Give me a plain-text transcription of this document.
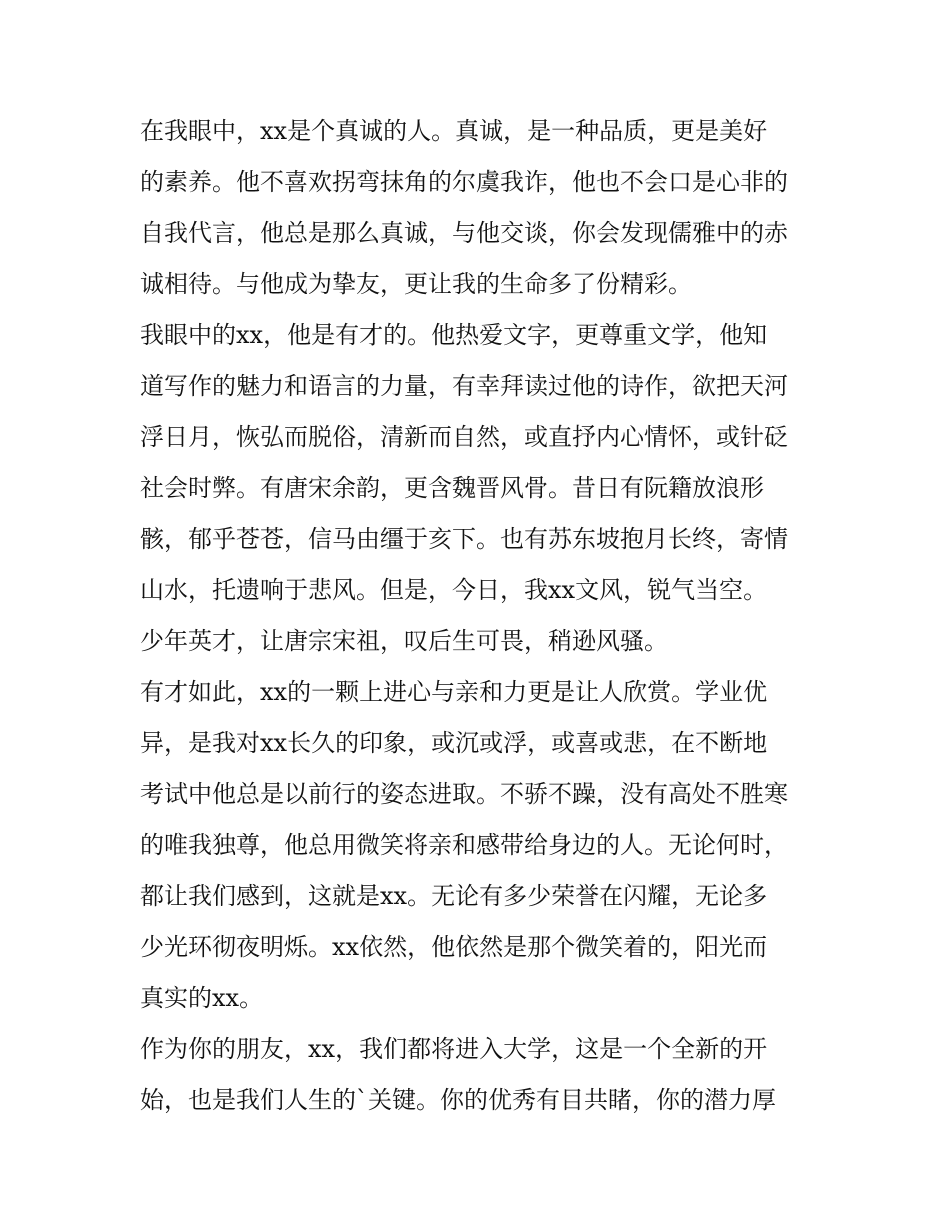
在我眼中，xx是个真诚的人。真诚，是一种品质，更是美好
的素养。他不喜欢拐弯抹角的尔虞我诈，他也不会口是心非的
自我代言，他总是那么真诚，与他交谈，你会发现儒雅中的赤
诚相待。与他成为挚友，更让我的生命多了份精彩。
我眼中的xx，他是有才的。他热爱文字，更尊重文学，他知
道写作的魅力和语言的力量，有幸拜读过他的诗作，欲把天河
浮日月，恢弘而脱俗，清新而自然，或直抒内心情怀，或针砭
社会时弊。有唐宋余韵，更含魏晋风骨。昔日有阮籍放浪形
骸，郁乎苍苍，信马由缰于亥下。也有苏东坡抱月长终，寄情
山水，托遗响于悲风。但是，今日，我xx文风，锐气当空。
少年英才，让唐宗宋祖，叹后生可畏，稍逊风骚。
有才如此，xx的一颗上进心与亲和力更是让人欣赏。学业优
异，是我对xx长久的印象，或沉或浮，或喜或悲，在不断地
考试中他总是以前行的姿态进取。不骄不躁，没有高处不胜寒
的唯我独尊，他总用微笑将亲和感带给身边的人。无论何时，
都让我们感到，这就是xx。无论有多少荣誉在闪耀，无论多
少光环彻夜明烁。xx依然，他依然是那个微笑着的，阳光而
真实的xx。
作为你的朋友，xx，我们都将进入大学，这是一个全新的开
始，也是我们人生的`关键。你的优秀有目共睹，你的潜力厚
